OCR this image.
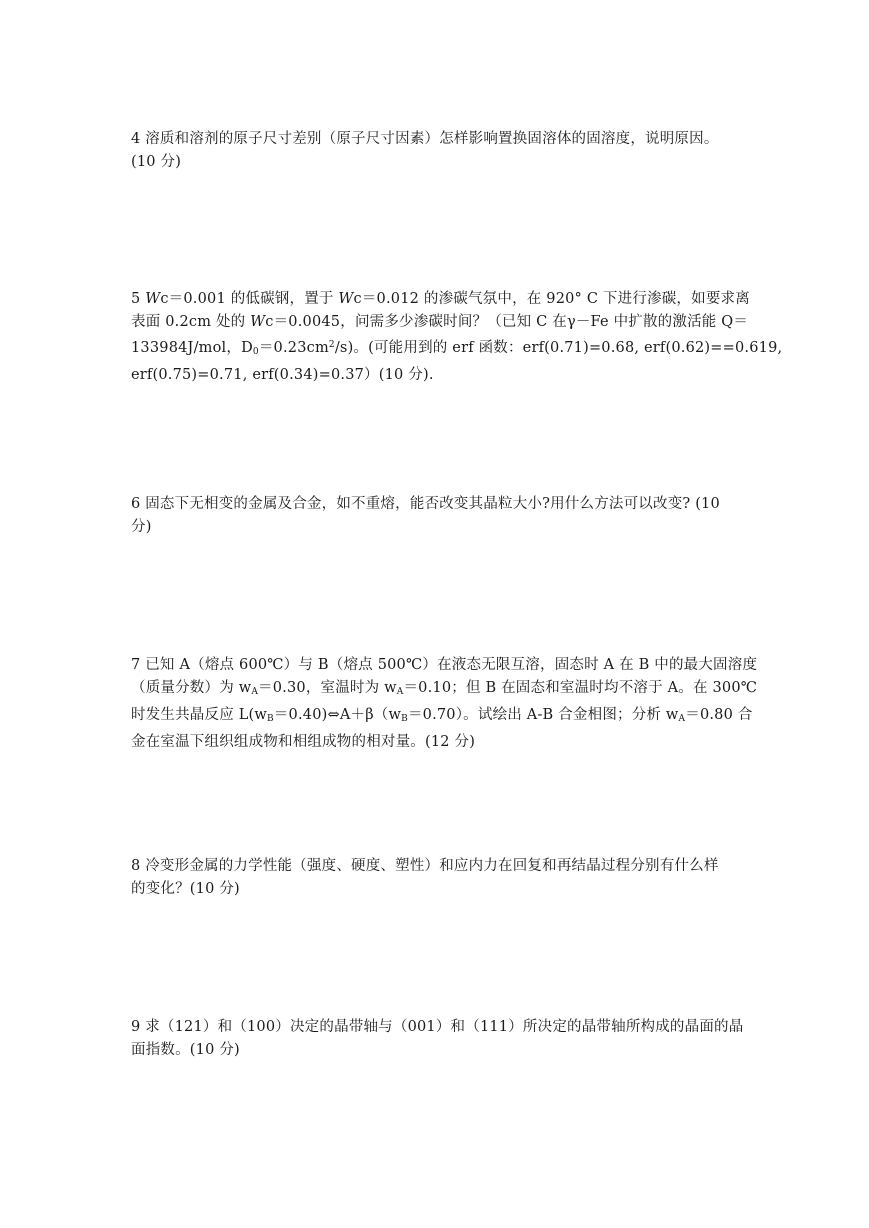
4 溶质和溶剂的原子尺寸差别（原子尺寸因素）怎样影响置换固溶体的固溶度，说明原因。
(10 分)
5 Wc＝0.001 的低碳钢，置于 Wc＝0.012 的渗碳气氛中，在 920° C 下进行渗碳，如要求离
表面 0.2cm 处的 Wc＝0.0045，问需多少渗碳时间？（已知 C 在γ－Fe 中扩散的激活能 Q＝
133984J/mol，$D_0=0.23cm^2/s$)。(可能用到的 erf 函数：erf(0.71)=0.68, erf(0.62)==0.619,
erf(0.75)=0.71, erf(0.34)=0.37）(10 分).
6 固态下无相变的金属及合金，如不重熔，能否改变其晶粒大小?用什么方法可以改变? (10
分)
7 已知 A（熔点 600℃）与 B（熔点 500℃）在液态无限互溶，固态时 A 在 B 中的最大固溶度
（质量分数）为 $w_A=0.30$，室温时为 $w_A=0.10$；但 B 在固态和室温时均不溶于 A。在 300℃
时发生共晶反应 $L(w_B=0.40)\Leftrightarrow A+\beta(w_B=0.70)$。试绘出 A-B 合金相图；分析 $w_A=0.80$ 合
金在室温下组织组成物和相组成物的相对量。(12 分)
8 冷变形金属的力学性能（强度、硬度、塑性）和应内力在回复和再结晶过程分别有什么样
的变化？(10 分)
9 求（121）和（100）决定的晶带轴与（001）和（111）所决定的晶带轴所构成的晶面的晶
面指数。(10 分)
